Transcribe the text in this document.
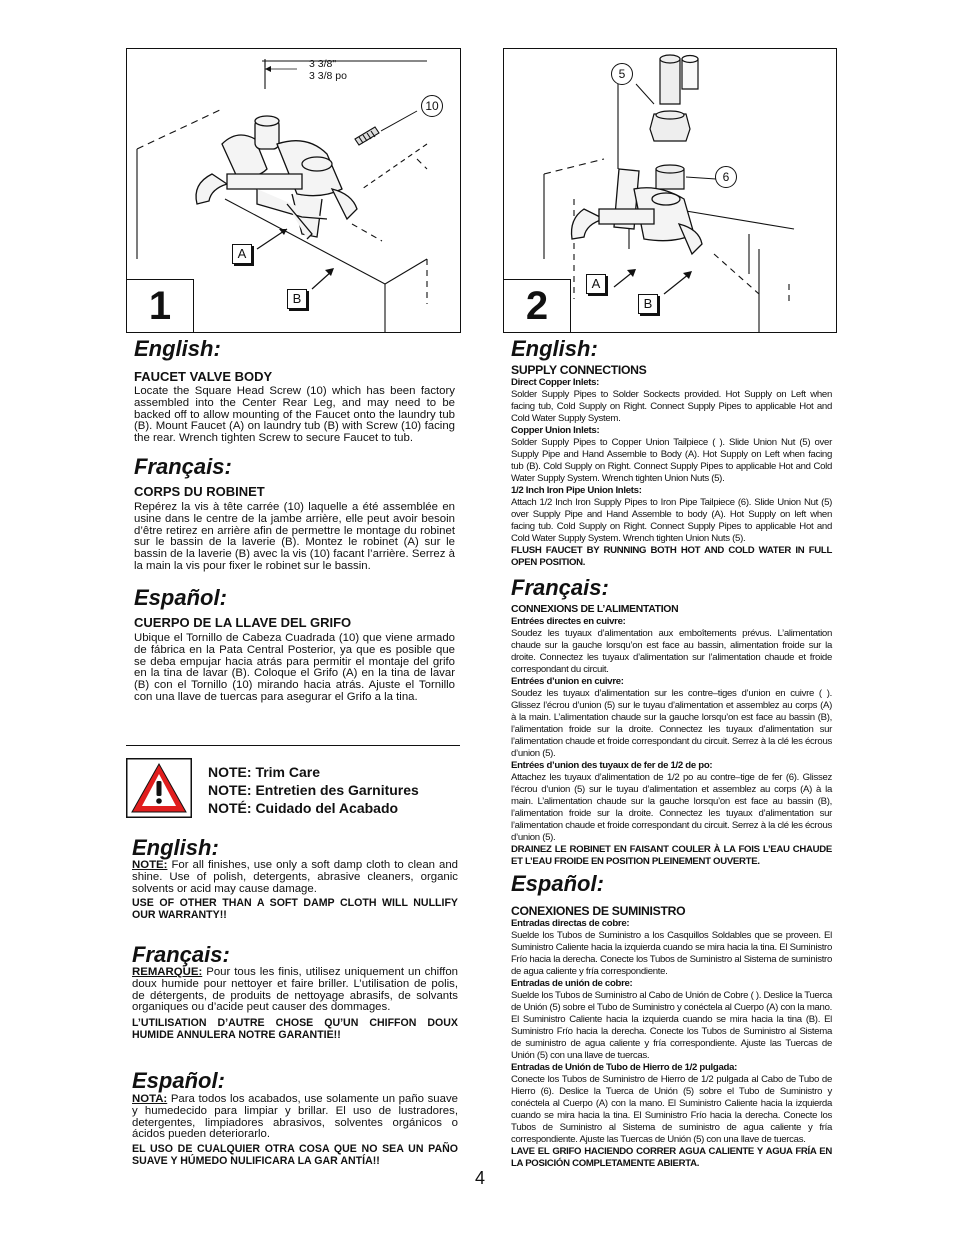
3 3/8"
3 3/8 po
10
A
B
1
5
6
A
B
2
English:
FAUCET VALVE BODY

Locate the Square Head Screw (10) which has been factory assembled into the Center Rear Leg, and may need to be backed off to allow mounting of the Faucet onto the laundry tub (B). Mount Faucet (A) on laundry tub (B) with Screw (10) facing the rear. Wrench tighten Screw to secure Faucet to tub.

Français:
CORPS DU ROBINET

Repérez la vis à tête carrée (10) laquelle a été assemblée en usine dans le centre de la jambe arrière, elle peut avoir besoin d’être retirez en arrière afin de permettre le montage du robinet sur le bassin de la laverie (B). Montez le robinet (A) sur le bassin de la laverie (B) avec la vis (10) facant l’arrière. Serrez à la main la vis pour fixer le robinet sur le bassin.

Español:
CUERPO DE LA LLAVE DEL GRIFO

Ubique el Tornillo de Cabeza Cuadrada (10) que viene armado de fábrica en la Pata Central Posterior, ya que es posible que se deba empujar hacia atrás para permitir el montaje del grifo en la tina de lavar (B). Coloque el Grifo (A) en la tina de lavar (B) con el Tornillo (10) mirando hacia atrás. Ajuste el Tornillo con una llave de tuercas para asegurar el Grifo a la tina.

NOTE: Trim Care
NOTE: Entretien des Garnitures
NOTÉ: Cuidado del Acabado
English:

NOTE: For all finishes, use only a soft damp cloth to clean and shine. Use of polish, detergents, abrasive cleaners, organic solvents or acid may cause damage.

USE OF OTHER THAN A SOFT DAMP CLOTH WILL NULLIFY OUR WARRANTY!!

Français:

REMARQUE: Pour tous les finis, utilisez uniquement un chiffon doux humide pour nettoyer et faire briller. L’utilisation de polis, de détergents, de produits de nettoyage abrasifs, de solvants organiques ou d’acide peut causer des dommages.

L’UTILISATION D’AUTRE CHOSE QU’UN CHIFFON DOUX HUMIDE ANNULERA NOTRE GARANTIE!!

Español:

NOTA: Para todos los acabados, use solamente un paño suave y humedecido para limpiar y brillar. El uso de lustradores, detergentes, limpiadores abrasivos, solventes orgánicos o ácidos pueden deteriorarlo.

EL USO DE CUALQUIER OTRA COSA QUE NO SEA UN PAÑO SUAVE Y HÚMEDO NULIFICARA LA GAR ANTÍA!!

English:
SUPPLY CONNECTIONS
Direct Copper Inlets:
Solder Supply Pipes to Solder Sockects provided. Hot Supply on Left when facing tub, Cold Supply on Right. Connect Supply Pipes to applicable Hot and Cold Water Supply System.
Copper Union Inlets:
Solder Supply Pipes to Copper Union Tailpiece ( ). Slide Union Nut (5) over Supply Pipe and Hand Assemble to Body (A). Hot Supply on Left when facing tub (B). Cold Supply on Right. Connect Supply Pipes to applicable Hot and Cold Water Supply System. Wrench tighten Union Nuts (5).
1/2 Inch Iron Pipe Union Inlets:
Attach 1/2 Inch Iron Supply Pipes to Iron Pipe Tailpiece (6). Slide Union Nut (5) over Supply Pipe and Hand Assemble to body (A). Hot Supply on left when facing tub. Cold Supply on Right. Connect Supply Pipes to applicable Hot and Cold Water Supply System. Wrench tighten Union Nuts (5).
FLUSH FAUCET BY RUNNING BOTH HOT AND COLD WATER IN FULL OPEN POSITION.
Français:
CONNEXIONS DE L’ALIMENTATION
Entrées directes en cuivre:
Soudez les tuyaux d’alimentation aux emboîtements prévus. L’alimentation chaude sur la gauche lorsqu’on est face au bassin, alimentation froide sur la droite. Connectez les tuyaux d’alimentation sur l’alimentation chaude et froide correspondant du circuit.
Entrées d’union en cuivre:
Soudez les tuyaux d’alimentation sur les contre–tiges d’union en cuivre ( ). Glissez l’écrou d’union (5) sur le tuyau d’alimentation et assemblez au corps (A) à la main. L’alimentation chaude sur la gauche lorsqu’on est face au bassin (B), l’alimentation froide sur la droite. Connectez les tuyaux d’alimentation sur l’alimentation chaude et froide correspondant du circuit. Serrez à la clé les écrous d’union (5).
Entrées d’union des tuyaux de fer de 1/2 de po:
Attachez les tuyaux d’alimentation de 1/2 po au contre–tige de fer (6). Glissez l’écrou d’union (5) sur le tuyau d’alimentation et assemblez au corps (A) à la main. L’alimentation chaude sur la gauche lorsqu’on est face au bassin (B), l’alimentation froide sur la droite. Connectez les tuyaux d’alimentation sur l’alimentation chaude et froide correspondant du circuit. Serrez à la clé les écrous d’union (5).
DRAINEZ LE ROBINET EN FAISANT COULER À LA FOIS L’EAU CHAUDE ET L’EAU FROIDE EN POSITION PLEINEMENT OUVERTE.
Español:
CONEXIONES DE SUMINISTRO
Entradas directas de cobre:
Suelde los Tubos de Suministro a los Casquillos Soldables que se proveen. El Suministro Caliente hacia la izquierda cuando se mira hacia la tina. El Suministro Frío hacia la derecha. Conecte los Tubos de Suministro al Sistema de suministro de agua caliente y fría correspondiente.
Entradas de unión de cobre:
Suelde los Tubos de Suministro al Cabo de Unión de Cobre ( ). Deslice la Tuerca de Unión (5) sobre el Tubo de Suministro y conéctela al Cuerpo (A) con la mano. El Suministro Caliente hacia la izquierda cuando se mira hacia la tina (B). El Suministro Frío hacia la derecha. Conecte los Tubos de Suministro al Sistema de suministro de agua caliente y fría correspondiente. Ajuste las Tuercas de Unión (5) con una llave de tuercas.
Entradas de Unión de Tubo de Hierro de 1/2 pulgada:
Conecte los Tubos de Suministro de Hierro de 1/2 pulgada al Cabo de Tubo de Hierro (6). Deslice la Tuerca de Unión (5) sobre el Tubo de Suministro y conéctela al Cuerpo (A) con la mano. El Suministro Caliente hacia la izquierda cuando se mira hacia la tina. El Suministro Frío hacia la derecha. Conecte los Tubos de Suministro al Sistema de suministro de agua caliente y fría correspondiente. Ajuste las Tuercas de Unión (5) con una llave de tuercas.
LAVE EL GRIFO HACIENDO CORRER AGUA CALIENTE Y AGUA FRÍA EN LA POSICIÓN COMPLETAMENTE ABIERTA.
4
